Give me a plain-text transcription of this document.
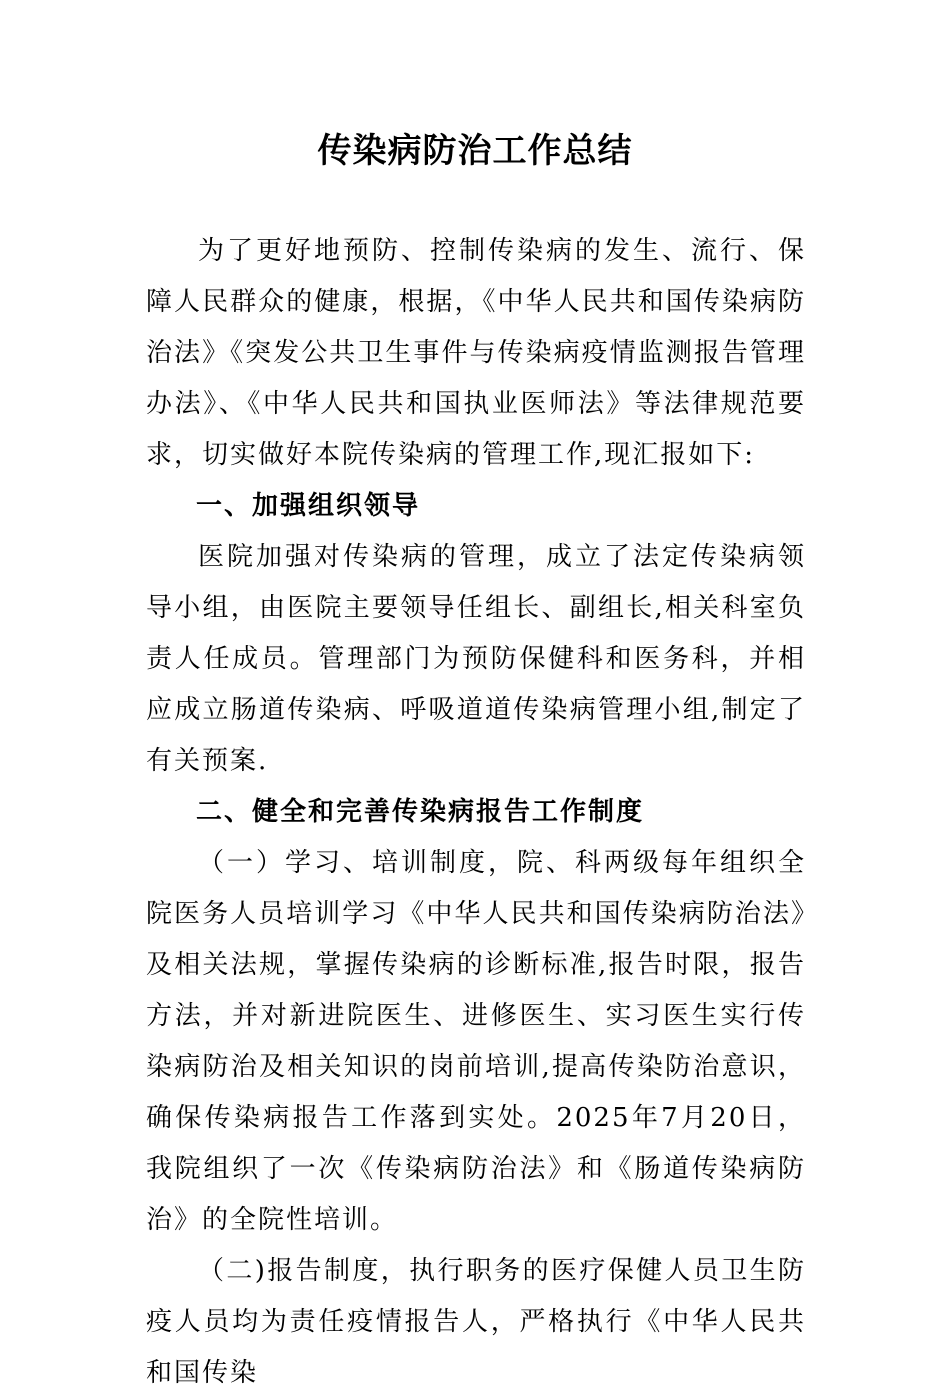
传染病防治工作总结

为了更好地预防、控制传染病的发生、流行、保障人民群众的健康，根据，《中华人民共和国传染病防治法》《突发公共卫生事件与传染病疫情监测报告管理办法》、《中华人民共和国执业医师法》等法律规范要求，切实做好本院传染病的管理工作,现汇报如下:

一、加强组织领导

医院加强对传染病的管理，成立了法定传染病领导小组，由医院主要领导任组长、副组长,相关科室负责人任成员。管理部门为预防保健科和医务科，并相应成立肠道传染病、呼吸道道传染病管理小组,制定了有关预案.

二、健全和完善传染病报告工作制度

（一）学习、培训制度，院、科两级每年组织全院医务人员培训学习《中华人民共和国传染病防治法》及相关法规，掌握传染病的诊断标准,报告时限，报告方法，并对新进院医生、进修医生、实习医生实行传染病防治及相关知识的岗前培训,提高传染防治意识，确保传染病报告工作落到实处。2025年7月20日，我院组织了一次《传染病防治法》和《肠道传染病防治》的全院性培训。

（二)报告制度，执行职务的医疗保健人员卫生防疫人员均为责任疫情报告人，严格执行《中华人民共和国传染
